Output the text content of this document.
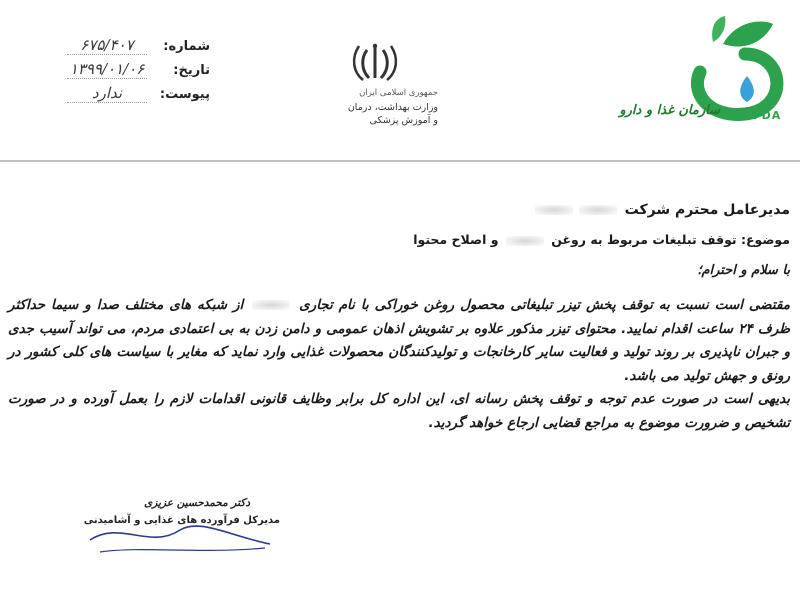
سازمان غذا و دارو	IFDA
جمهوری اسلامی ایران
وزارت بهداشت، درمان
و آموزش پزشکی
شماره:
۶۷۵/۴۰۷
تاریخ:
۱۳۹۹/۰۱/۰۶
پیوست:
ندارد
مدیرعامل محترم شرکت
موضوع: توقف تبلیغات مربوط به روغن  و اصلاح محتوا
با سلام و احترام؛

مقتضی است نسبت به توقف پخش تیزر تبلیغاتی محصول روغن خوراکی با نام تجاری  از شبکه های مختلف صدا و سیما حداکثر ظرف ۲۴ ساعت اقدام نمایید. محتوای تیزر مذکور علاوه بر تشویش اذهان عمومی و دامن زدن به بی اعتمادی مردم، می تواند آسیب جدی و جبران ناپذیری بر روند تولید و فعالیت سایر کارخانجات و تولیدکنندگان محصولات غذایی وارد نماید که مغایر با سیاست های کلی کشور در رونق و جهش تولید می باشد.

بدیهی است در صورت عدم توجه و توقف پخش رسانه ای، این اداره کل برابر وظایف قانونی اقدامات لازم را بعمل آورده و در صورت تشخیص و ضرورت موضوع به مراجع قضایی ارجاع خواهد گردید.

دکتر محمدحسین عزیزی
مدیرکل فرآورده های غذایی و آشامیدنی
